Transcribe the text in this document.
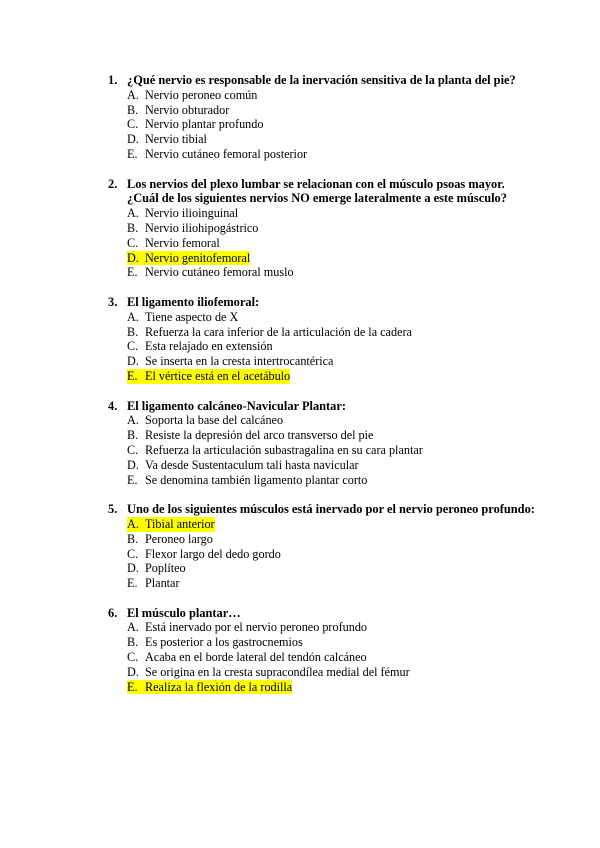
1. ¿Qué nervio es responsable de la inervación sensitiva de la planta del pie?
A. Nervio peroneo común
B. Nervio obturador
C. Nervio plantar profundo
D. Nervio tibial
E. Nervio cutáneo femoral posterior
2. Los nervios del plexo lumbar se relacionan con el músculo psoas mayor.
¿Cuál de los siguientes nervios NO emerge lateralmente a este músculo?
A. Nervio ilioinguinal
B. Nervio iliohipogástrico
C. Nervio femoral
D. Nervio genitofemoral
E. Nervio cutáneo femoral muslo
3. El ligamento iliofemoral:
A. Tiene aspecto de X
B. Refuerza la cara inferior de la articulación de la cadera
C. Esta relajado en extensión
D. Se inserta en la cresta intertrocantérica
E. El vértice está en el acetábulo
4. El ligamento calcáneo-Navicular Plantar:
A. Soporta la base del calcáneo
B. Resiste la depresión del arco transverso del pie
C. Refuerza la articulación subastragalina en su cara plantar
D. Va desde Sustentaculum tali hasta navicular
E. Se denomina también ligamento plantar corto
5. Uno de los siguientes músculos está inervado por el nervio peroneo profundo:
A. Tibial anterior
B. Peroneo largo
C. Flexor largo del dedo gordo
D. Poplíteo
E. Plantar
6. El músculo plantar…
A. Está inervado por el nervio peroneo profundo
B. Es posterior a los gastrocnemios
C. Acaba en el borde lateral del tendón calcáneo
D. Se origina en la cresta supracondílea medial del fémur
E. Realiza la flexión de la rodilla
